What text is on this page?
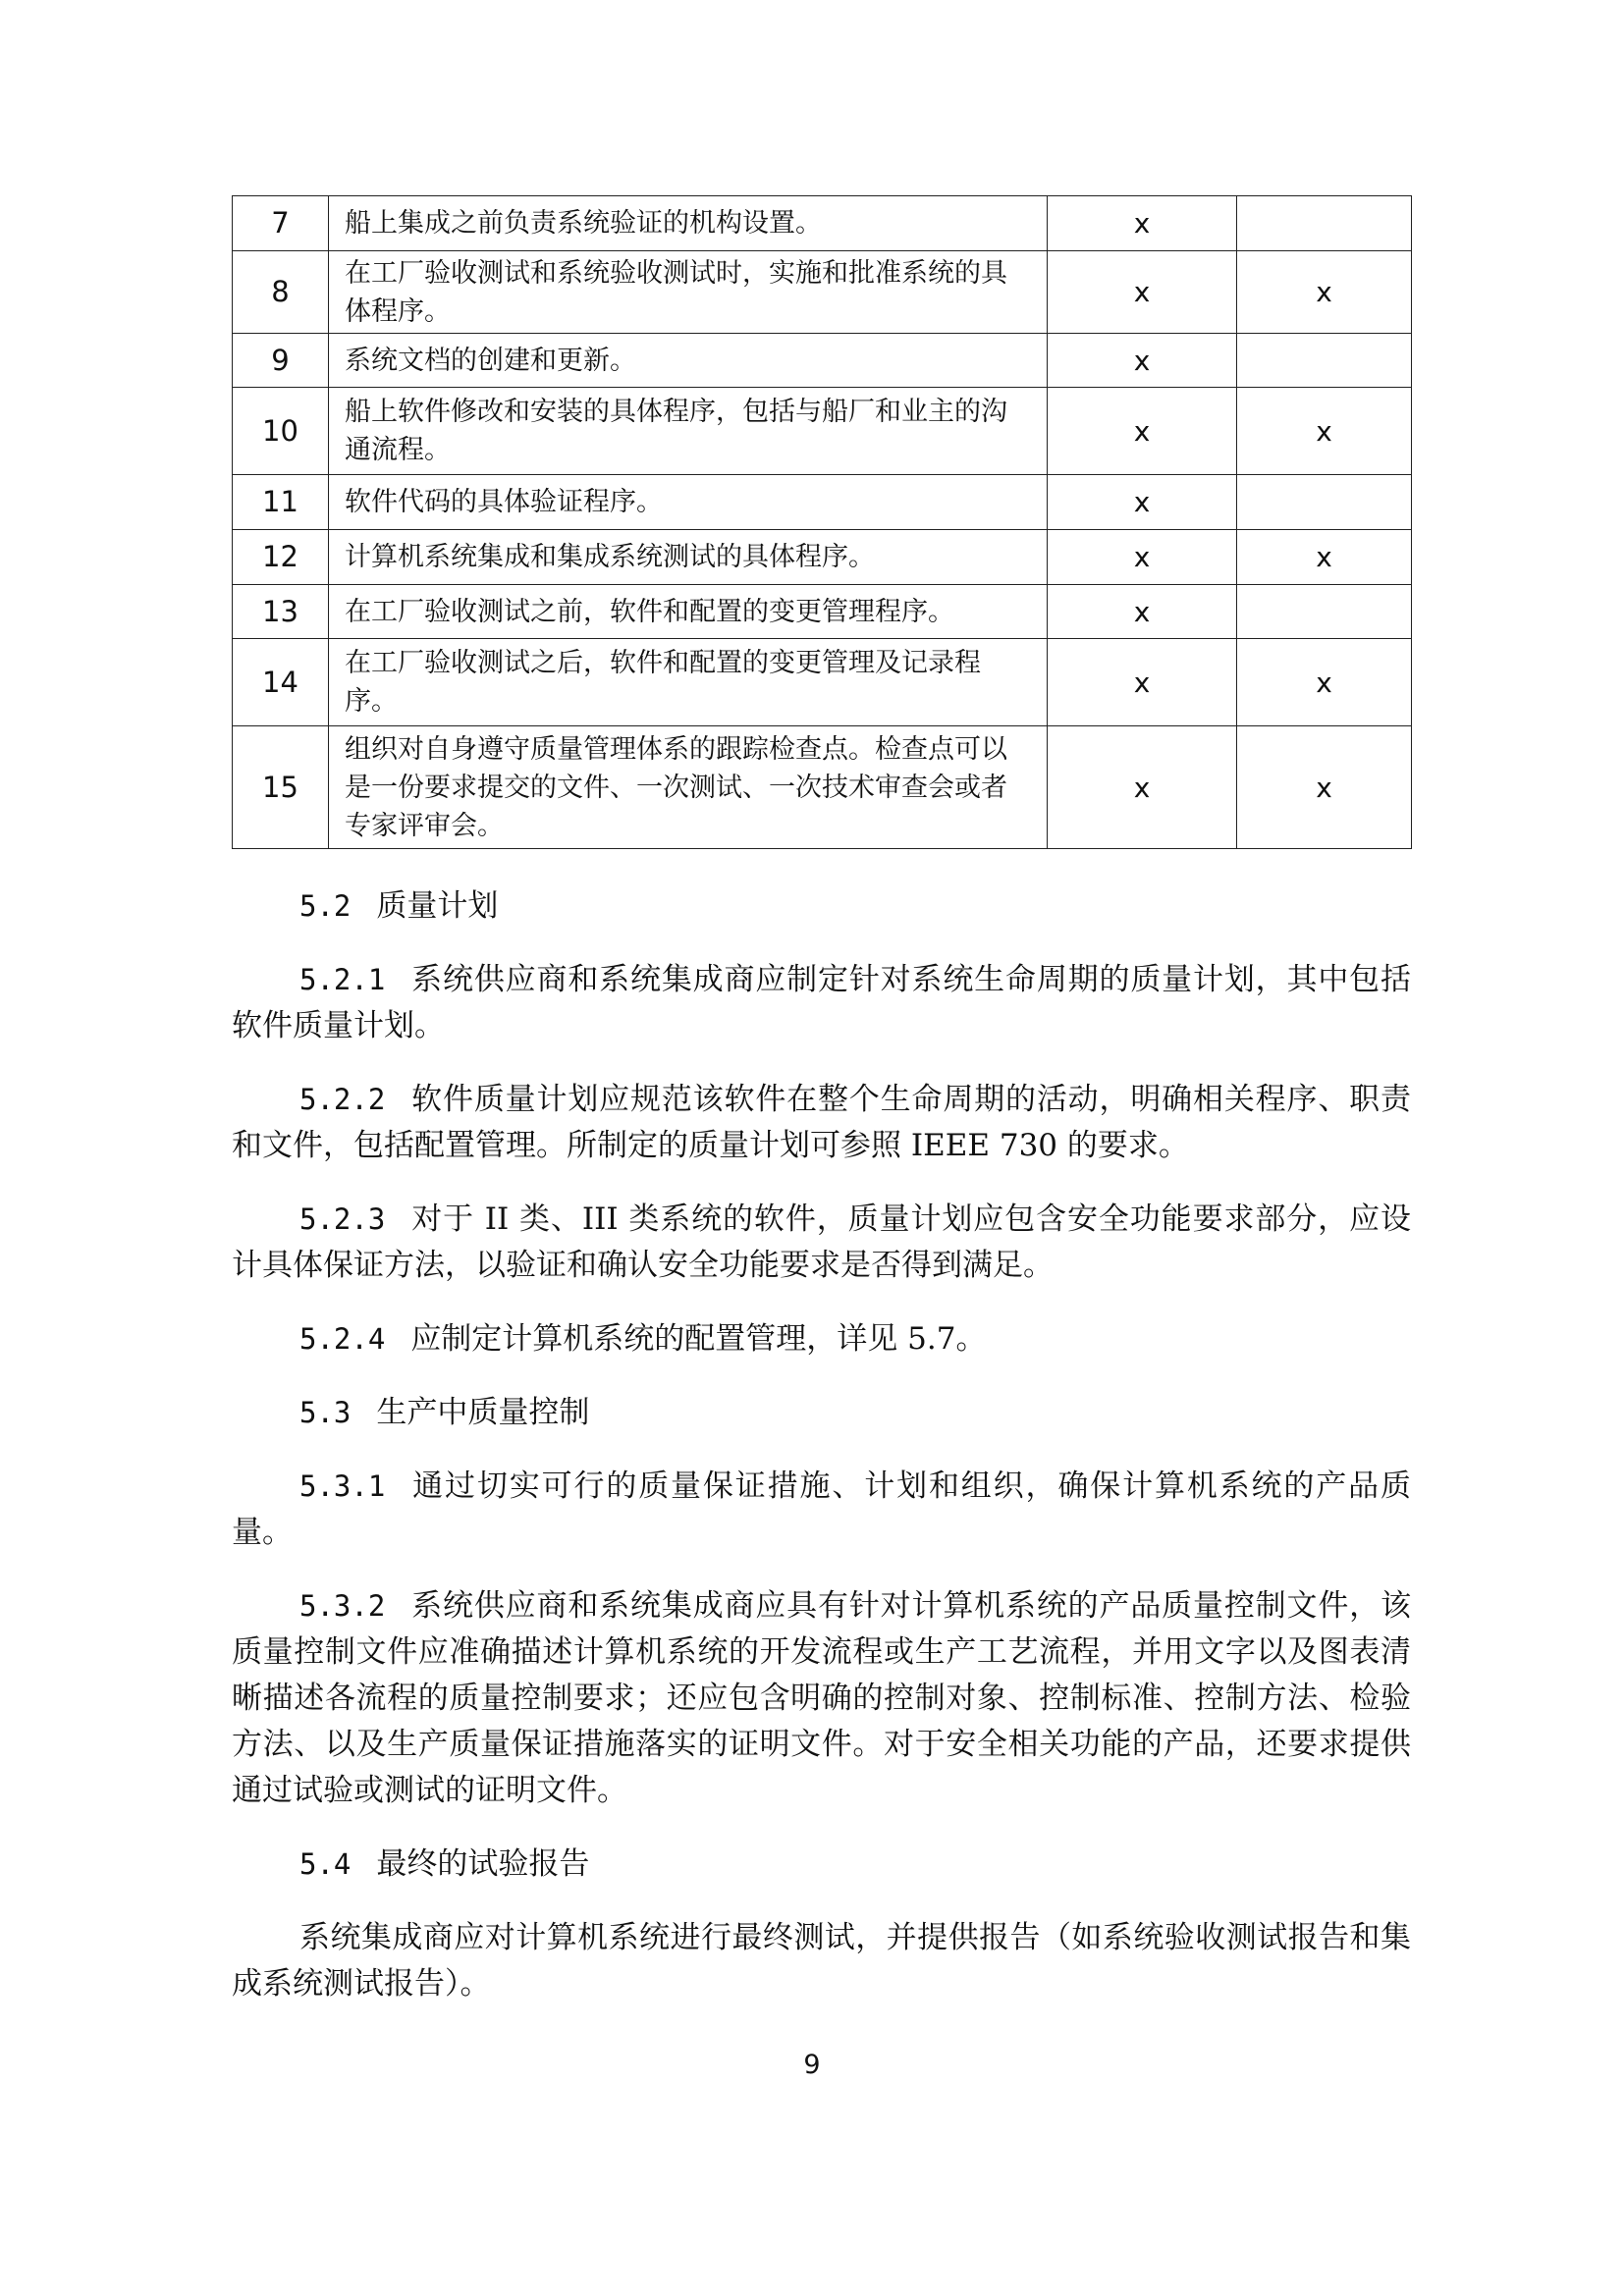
7	船上集成之前负责系统验证的机构设置。	x	
8	在工厂验收测试和系统验收测试时，实施和批准系统的具体程序。	x	x
9	系统文档的创建和更新。	x	
10	船上软件修改和安装的具体程序，包括与船厂和业主的沟通流程。	x	x
11	软件代码的具体验证程序。	x	
12	计算机系统集成和集成系统测试的具体程序。	x	x
13	在工厂验收测试之前，软件和配置的变更管理程序。	x	
14	在工厂验收测试之后，软件和配置的变更管理及记录程序。	x	x
15	组织对自身遵守质量管理体系的跟踪检查点。检查点可以是一份要求提交的文件、一次测试、一次技术审查会或者专家评审会。	x	x

5.2 质量计划

5.2.1 系统供应商和系统集成商应制定针对系统生命周期的质量计划，其中包括软件质量计划。

5.2.2 软件质量计划应规范该软件在整个生命周期的活动，明确相关程序、职责和文件，包括配置管理。所制定的质量计划可参照 IEEE 730 的要求。

5.2.3 对于 II 类、III 类系统的软件，质量计划应包含安全功能要求部分，应设计具体保证方法，以验证和确认安全功能要求是否得到满足。

5.2.4 应制定计算机系统的配置管理，详见 5.7。

5.3 生产中质量控制

5.3.1 通过切实可行的质量保证措施、计划和组织，确保计算机系统的产品质量。

5.3.2 系统供应商和系统集成商应具有针对计算机系统的产品质量控制文件，该质量控制文件应准确描述计算机系统的开发流程或生产工艺流程，并用文字以及图表清晰描述各流程的质量控制要求；还应包含明确的控制对象、控制标准、控制方法、检验方法、以及生产质量保证措施落实的证明文件。对于安全相关功能的产品，还要求提供通过试验或测试的证明文件。

5.4 最终的试验报告

系统集成商应对计算机系统进行最终测试，并提供报告（如系统验收测试报告和集成系统测试报告）。

9
